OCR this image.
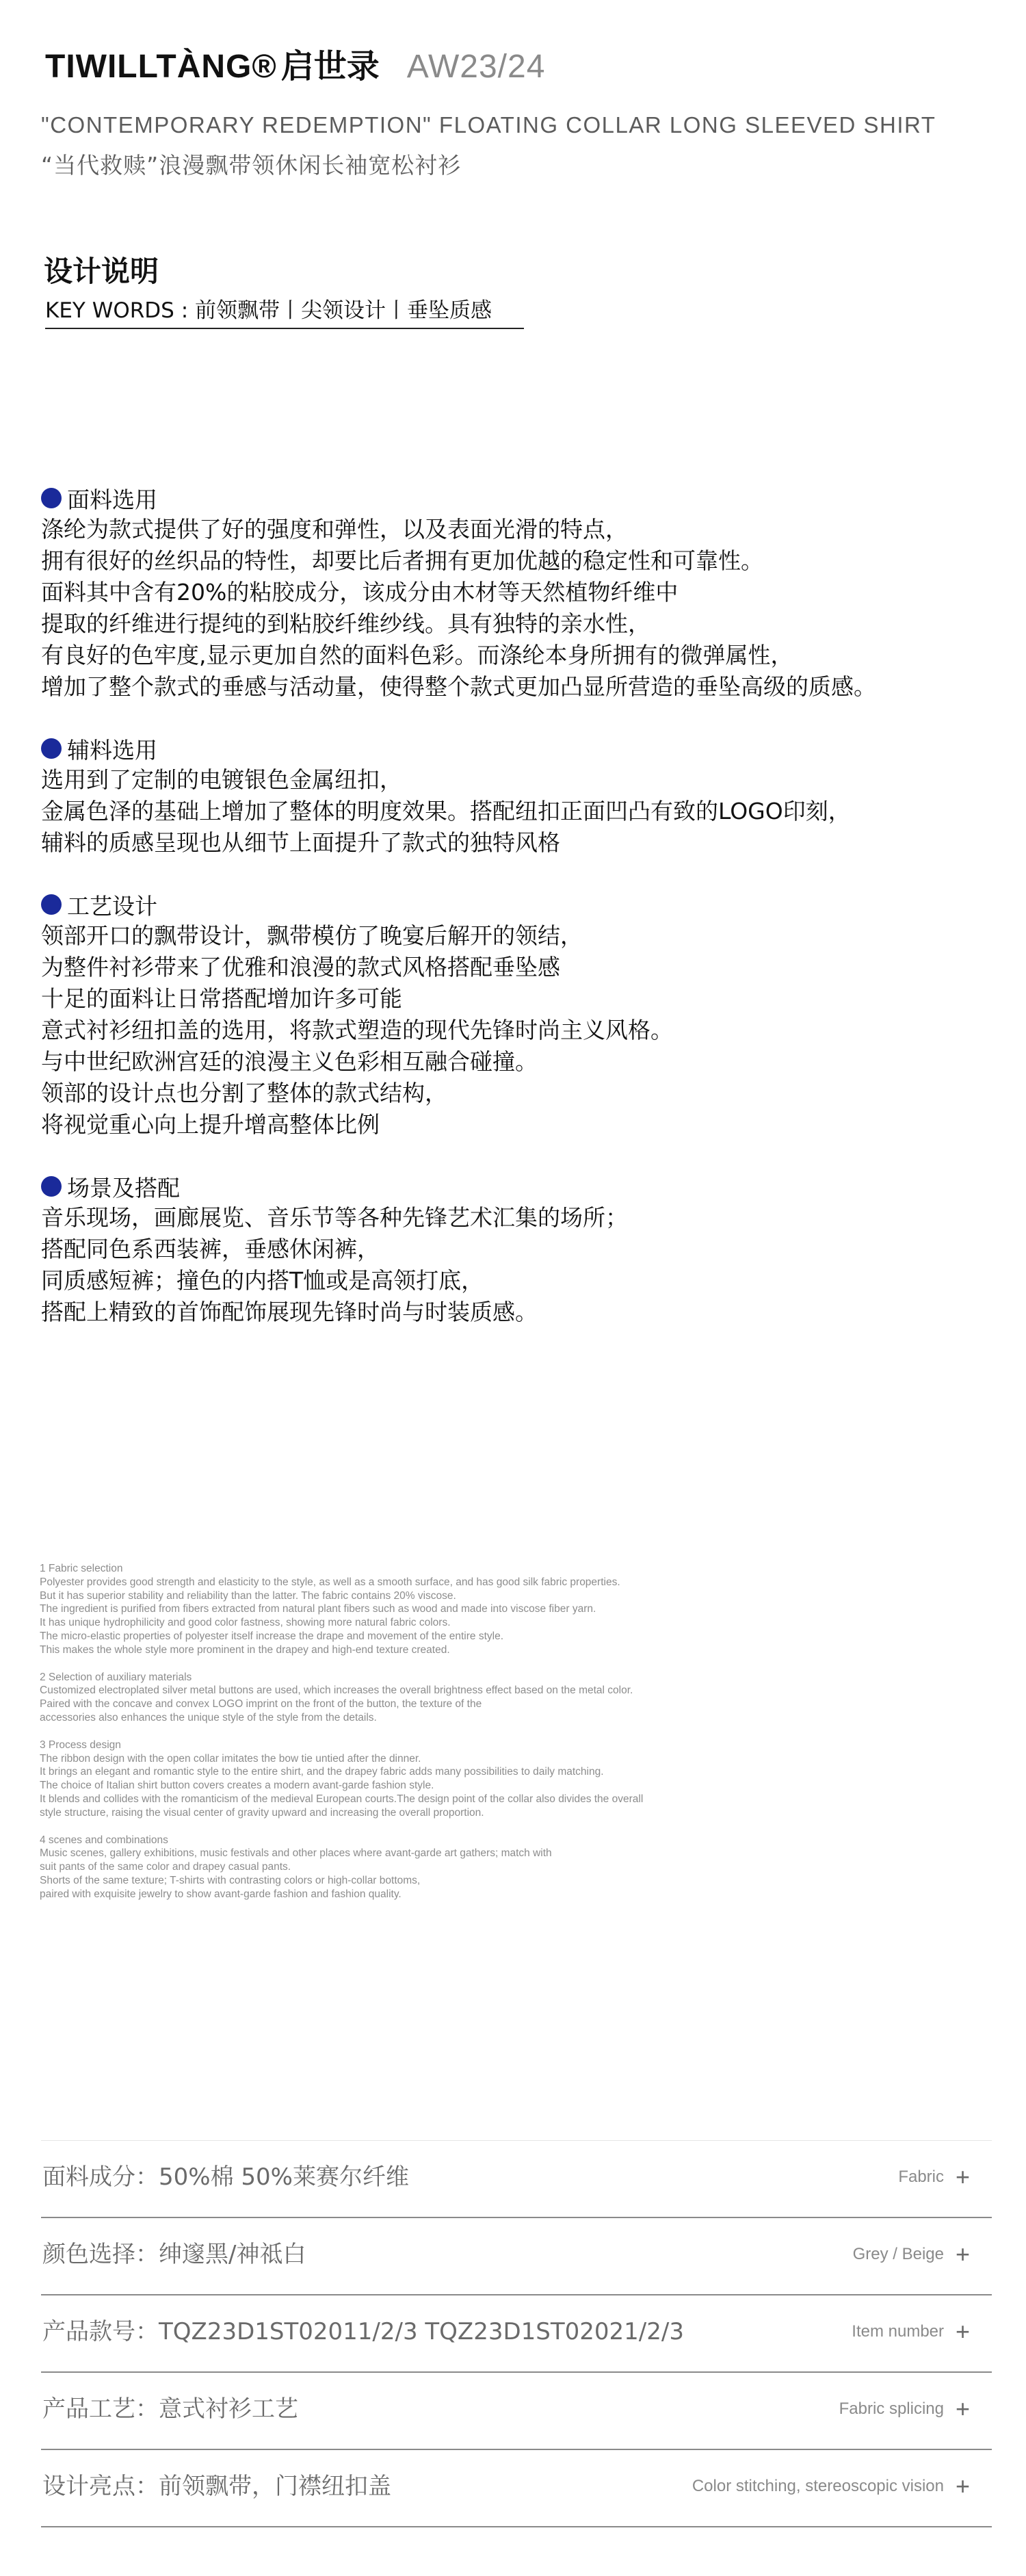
TIWILLTÀNG® 启世录 AW23/24
"CONTEMPORARY REDEMPTION" FLOATING COLLAR LONG SLEEVED SHIRT
“当代救赎”浪漫飘带领休闲长袖宽松衬衫
设计说明
KEY WORDS : 前领飘带丨尖领设计丨垂坠质感
面料选用
涤纶为款式提供了好的强度和弹性，以及表面光滑的特点，
拥有很好的丝织品的特性，却要比后者拥有更加优越的稳定性和可靠性。
面料其中含有20%的粘胶成分，该成分由木材等天然植物纤维中
提取的纤维进行提纯的到粘胶纤维纱线。具有独特的亲水性，
有良好的色牢度,显示更加自然的面料色彩。而涤纶本身所拥有的微弹属性，
增加了整个款式的垂感与活动量，使得整个款式更加凸显所营造的垂坠高级的质感。
辅料选用
选用到了定制的电镀银色金属纽扣，
金属色泽的基础上增加了整体的明度效果。搭配纽扣正面凹凸有致的LOGO印刻，
辅料的质感呈现也从细节上面提升了款式的独特风格
工艺设计
领部开口的飘带设计，飘带模仿了晚宴后解开的领结，
为整件衬衫带来了优雅和浪漫的款式风格搭配垂坠感
十足的面料让日常搭配增加许多可能
意式衬衫纽扣盖的选用，将款式塑造的现代先锋时尚主义风格。
与中世纪欧洲宫廷的浪漫主义色彩相互融合碰撞。
领部的设计点也分割了整体的款式结构，
将视觉重心向上提升增高整体比例
场景及搭配
音乐现场，画廊展览、音乐节等各种先锋艺术汇集的场所；
搭配同色系西装裤，垂感休闲裤，
同质感短裤；撞色的内搭T恤或是高领打底，
搭配上精致的首饰配饰展现先锋时尚与时装质感。
1 Fabric selection
Polyester provides good strength and elasticity to the style, as well as a smooth surface, and has good silk fabric properties.
But it has superior stability and reliability than the latter. The fabric contains 20% viscose.
The ingredient is purified from fibers extracted from natural plant fibers such as wood and made into viscose fiber yarn.
It has unique hydrophilicity and good color fastness, showing more natural fabric colors.
The micro-elastic properties of polyester itself increase the drape and movement of the entire style.
This makes the whole style more prominent in the drapey and high-end texture created.
2 Selection of auxiliary materials
Customized electroplated silver metal buttons are used, which increases the overall brightness effect based on the metal color.
Paired with the concave and convex LOGO imprint on the front of the button, the texture of the
accessories also enhances the unique style of the style from the details.
3 Process design
The ribbon design with the open collar imitates the bow tie untied after the dinner.
It brings an elegant and romantic style to the entire shirt, and the drapey fabric adds many possibilities to daily matching.
The choice of Italian shirt button covers creates a modern avant-garde fashion style.
It blends and collides with the romanticism of the medieval European courts.The design point of the collar also divides the overall
style structure, raising the visual center of gravity upward and increasing the overall proportion.
4 scenes and combinations
Music scenes, gallery exhibitions, music festivals and other places where avant-garde art gathers; match with
suit pants of the same color and drapey casual pants.
Shorts of the same texture; T-shirts with contrasting colors or high-collar bottoms,
paired with exquisite jewelry to show avant-garde fashion and fashion quality.
面料成分：50%棉 50%莱赛尔纤维	Fabric +
颜色选择：绅邃黑/神祗白	Grey / Beige +
产品款号：TQZ23D1ST02011/2/3 TQZ23D1ST02021/2/3	Item number +
产品工艺：意式衬衫工艺	Fabric splicing +
设计亮点：前领飘带，门襟纽扣盖	Color stitching, stereoscopic vision +
